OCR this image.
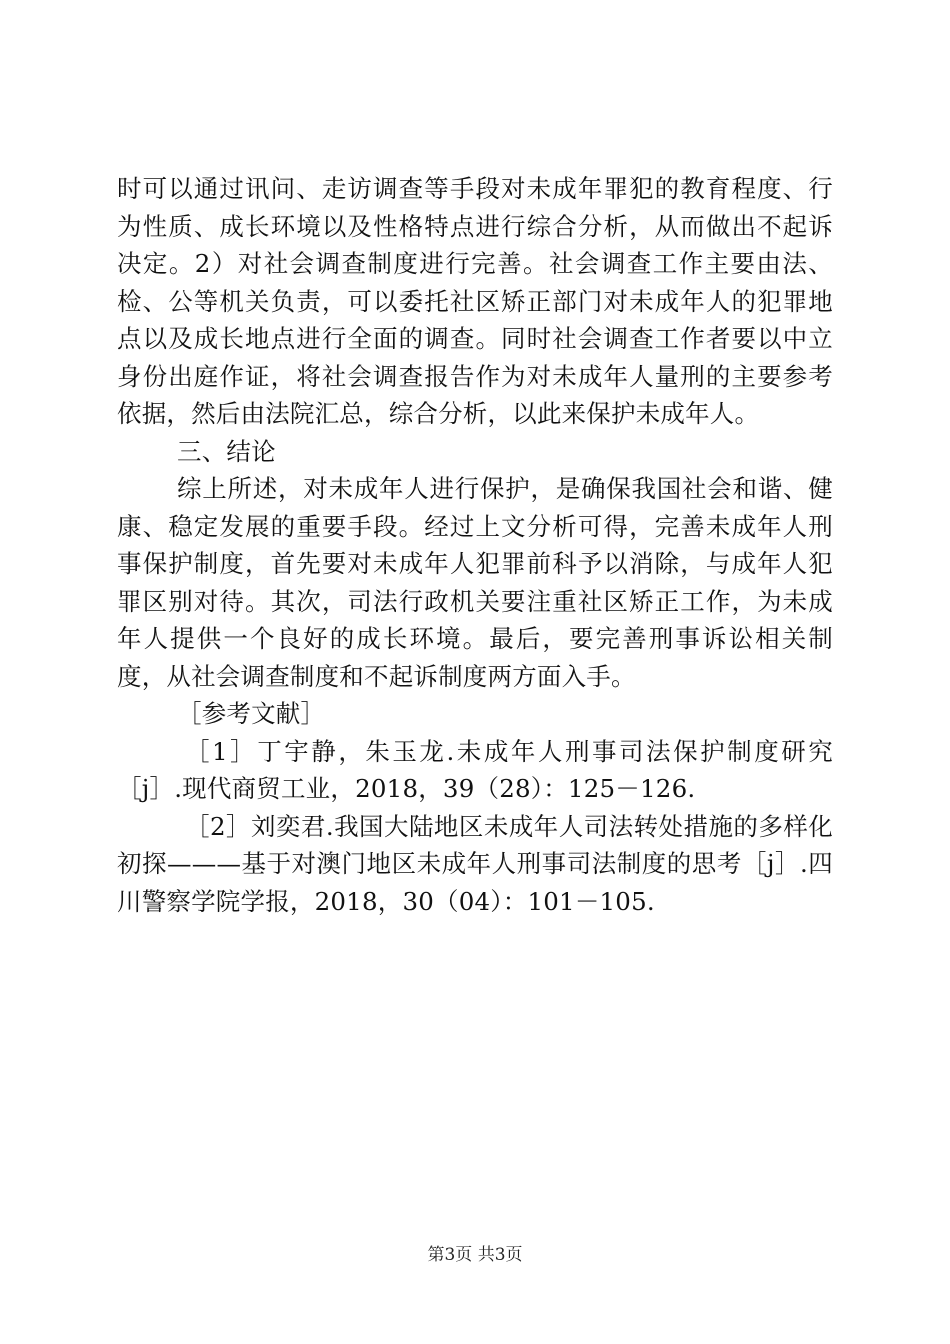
时可以通过讯问、走访调查等手段对未成年罪犯的教育程度、行为性质、成长环境以及性格特点进行综合分析，从而做出不起诉决定。2）对社会调查制度进行完善。社会调查工作主要由法、检、公等机关负责，可以委托社区矫正部门对未成年人的犯罪地点以及成长地点进行全面的调查。同时社会调查工作者要以中立身份出庭作证，将社会调查报告作为对未成年人量刑的主要参考依据，然后由法院汇总，综合分析，以此来保护未成年人。

三、结论

综上所述，对未成年人进行保护，是确保我国社会和谐、健康、稳定发展的重要手段。经过上文分析可得，完善未成年人刑事保护制度，首先要对未成年人犯罪前科予以消除，与成年人犯罪区别对待。其次，司法行政机关要注重社区矫正工作，为未成年人提供一个良好的成长环境。最后，要完善刑事诉讼相关制度，从社会调查制度和不起诉制度两方面入手。

［参考文献］

［1］丁宇静，朱玉龙.未成年人刑事司法保护制度研究［j］.现代商贸工业，2018，39（28）：125－126.

［2］刘奕君.我国大陆地区未成年人司法转处措施的多样化初探———基于对澳门地区未成年人刑事司法制度的思考［j］.四川警察学院学报，2018，30（04）：101－105.

第3页 共3页
